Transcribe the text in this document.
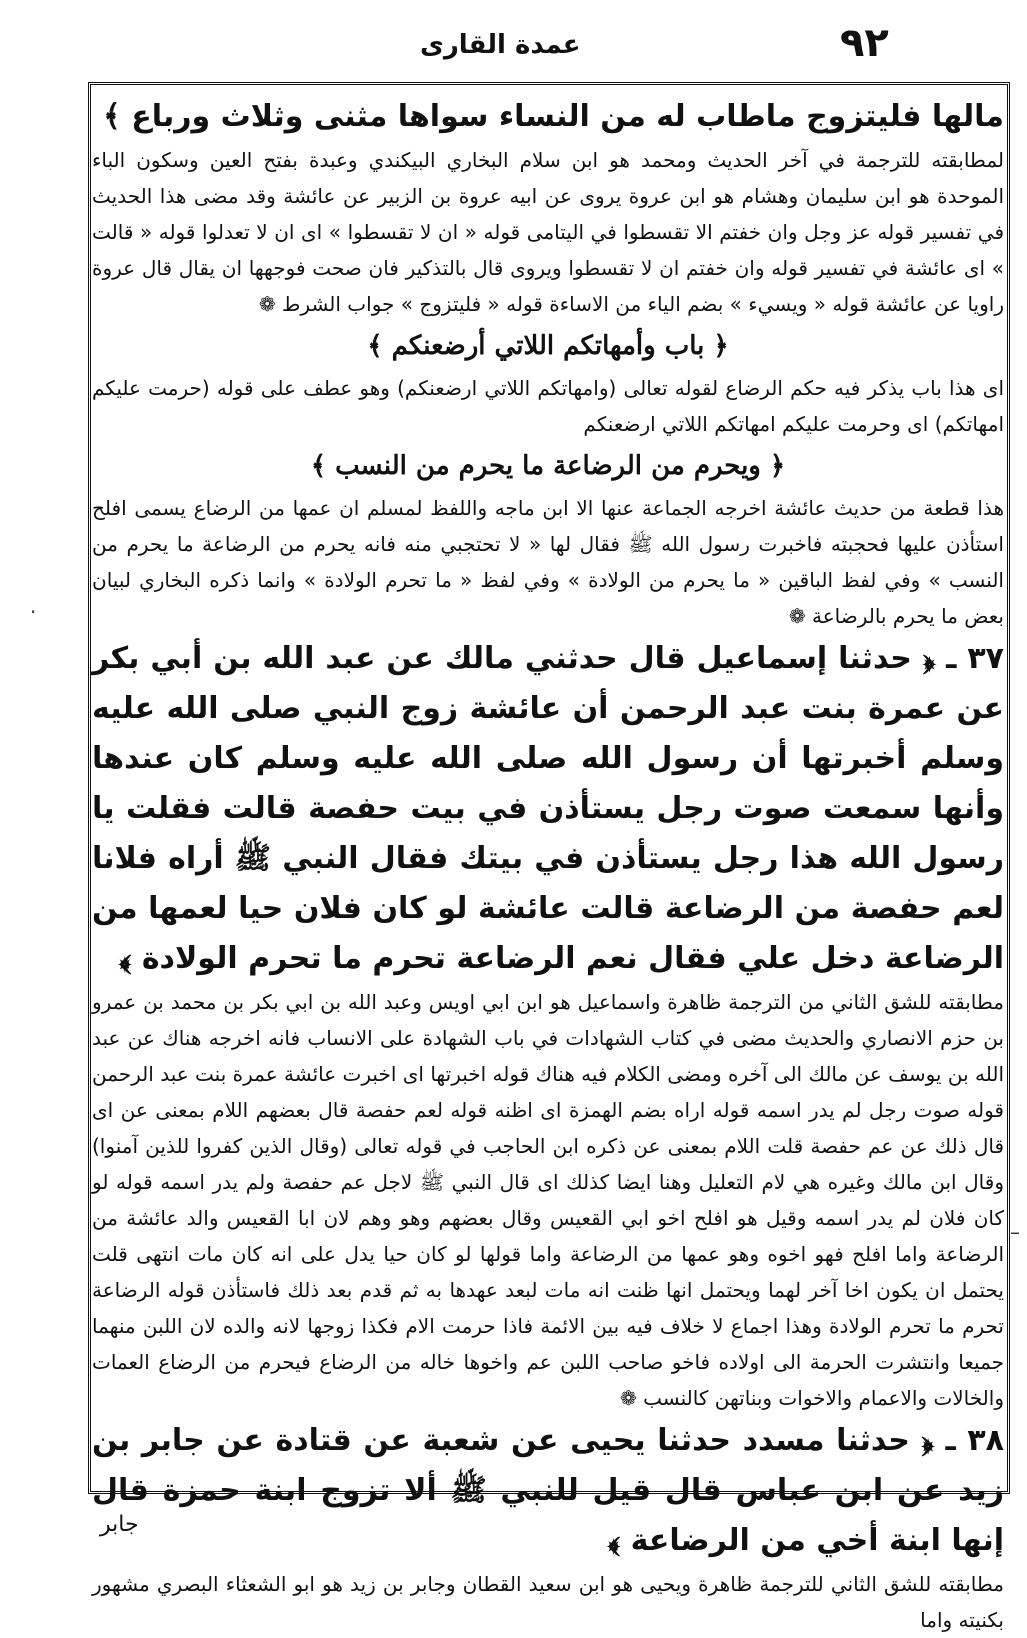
٩٢
عمدة القارى
مالها فليتزوج ماطاب له من النساء سواها مثنى وثلاث ورباع ﴾
لمطابقته للترجمة في آخر الحديث ومحمد هو ابن سلام البخاري البيكندي وعبدة بفتح العين وسكون الباء الموحدة هو ابن سليمان وهشام هو ابن عروة يروى عن ابيه عروة بن الزبير عن عائشة وقد مضى هذا الحديث في تفسير قوله عز وجل وان خفتم الا تقسطوا في اليتامى قوله « ان لا تقسطوا » اى ان لا تعدلوا قوله « قالت » اى عائشة في تفسير قوله وان خفتم ان لا تقسطوا ويروى قال بالتذكير فان صحت فوجهها ان يقال قال عروة راويا عن عائشة قوله « ويسيء » بضم الياء من الاساءة قوله « فليتزوج » جواب الشرط ❁
﴿ باب وأمهاتكم اللاتي أرضعنكم ﴾
اى هذا باب يذكر فيه حكم الرضاع لقوله تعالى (وامهاتكم اللاتي ارضعنكم) وهو عطف على قوله (حرمت عليكم امهاتكم) اى وحرمت عليكم امهاتكم اللاتي ارضعنكم
﴿ ويحرم من الرضاعة ما يحرم من النسب ﴾
هذا قطعة من حديث عائشة اخرجه الجماعة عنها الا ابن ماجه واللفظ لمسلم ان عمها من الرضاع يسمى افلح استأذن عليها فحجبته فاخبرت رسول الله ﷺ فقال لها « لا تحتجبي منه فانه يحرم من الرضاعة ما يحرم من النسب » وفي لفظ الباقين « ما يحرم من الولادة » وفي لفظ « ما تحرم الولادة » وانما ذكره البخاري لبيان بعض ما يحرم بالرضاعة ❁
٣٧ ـ ﴿ حدثنا إسماعيل قال حدثني مالك عن عبد الله بن أبي بكر عن عمرة بنت عبد الرحمن أن عائشة زوج النبي صلى الله عليه وسلم أخبرتها أن رسول الله صلى الله عليه وسلم كان عندها وأنها سمعت صوت رجل يستأذن في بيت حفصة قالت فقلت يا رسول الله هذا رجل يستأذن في بيتك فقال النبي ﷺ أراه فلانا لعم حفصة من الرضاعة قالت عائشة لو كان فلان حيا لعمها من الرضاعة دخل علي فقال نعم الرضاعة تحرم ما تحرم الولادة ﴾
مطابقته للشق الثاني من الترجمة ظاهرة واسماعيل هو ابن ابي اويس وعبد الله بن ابي بكر بن محمد بن عمرو بن حزم الانصاري والحديث مضى في كتاب الشهادات في باب الشهادة على الانساب فانه اخرجه هناك عن عبد الله بن يوسف عن مالك الى آخره ومضى الكلام فيه هناك قوله اخبرتها اى اخبرت عائشة عمرة بنت عبد الرحمن قوله صوت رجل لم يدر اسمه قوله اراه بضم الهمزة اى اظنه قوله لعم حفصة قال بعضهم اللام بمعنى عن اى قال ذلك عن عم حفصة قلت اللام بمعنى عن ذكره ابن الحاجب في قوله تعالى (وقال الذين كفروا للذين آمنوا) وقال ابن مالك وغيره هي لام التعليل وهنا ايضا كذلك اى قال النبي ﷺ لاجل عم حفصة ولم يدر اسمه قوله لو كان فلان لم يدر اسمه وقيل هو افلح اخو ابي القعيس وقال بعضهم وهو وهم لان ابا القعيس والد عائشة من الرضاعة واما افلح فهو اخوه وهو عمها من الرضاعة واما قولها لو كان حيا يدل على انه كان مات انتهى قلت يحتمل ان يكون اخا آخر لهما ويحتمل انها ظنت انه مات لبعد عهدها به ثم قدم بعد ذلك فاستأذن قوله الرضاعة تحرم ما تحرم الولادة وهذا اجماع لا خلاف فيه بين الائمة فاذا حرمت الام فكذا زوجها لانه والده لان اللبن منهما جميعا وانتشرت الحرمة الى اولاده فاخو صاحب اللبن عم واخوها خاله من الرضاع فيحرم من الرضاع العمات والخالات والاعمام والاخوات وبناتهن كالنسب ❁
٣٨ ـ ﴿ حدثنا مسدد حدثنا يحيى عن شعبة عن قتادة عن جابر بن زيد عن ابن عباس قال قيل للنبي ﷺ ألا تزوج ابنة حمزة قال إنها ابنة أخي من الرضاعة ﴾
مطابقته للشق الثاني للترجمة ظاهرة ويحيى هو ابن سعيد القطان وجابر بن زيد هو ابو الشعثاء البصري مشهور بكنيته واما
·
–
جابر
